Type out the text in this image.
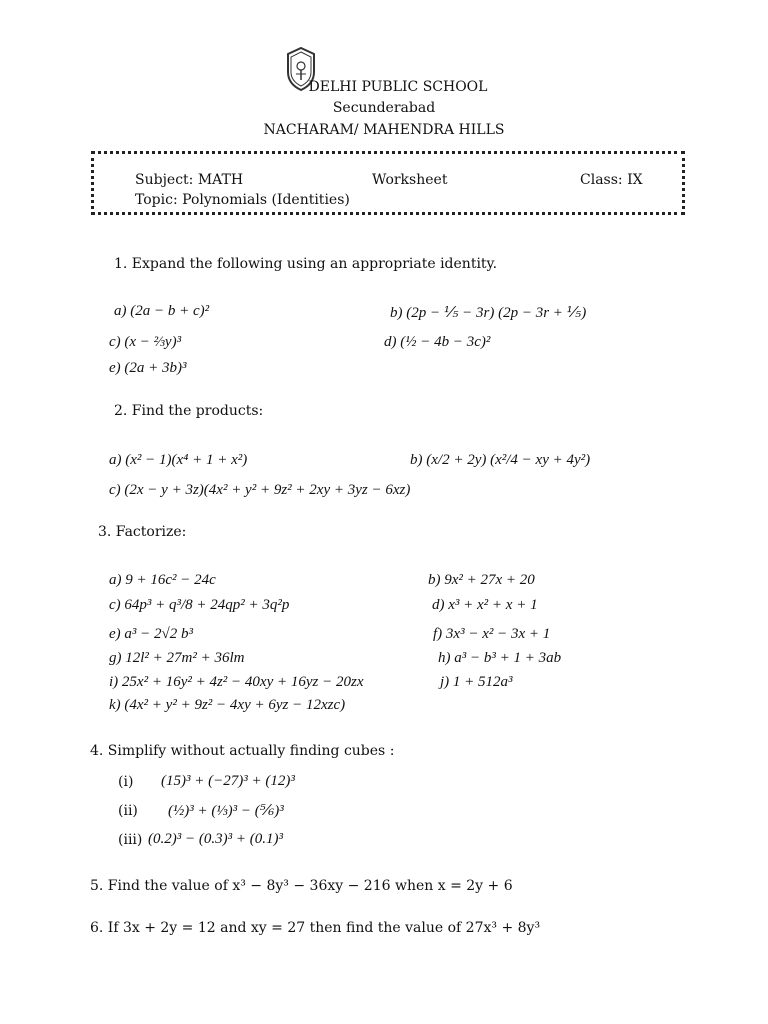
DELHI PUBLIC SCHOOL
Secunderabad
NACHARAM/ MAHENDRA HILLS
Subject: MATH	Worksheet	Class: IX
Topic: Polynomials (Identities)
1. Expand the following using an appropriate identity.
a) (2a − b + c)²	b) (2p − ⅕ − 3r) (2p − 3r + ⅕)
c) (x − ⅔y)³	d) (½ − 4b − 3c)²
e) (2a + 3b)³
2. Find the products:
a) (x² − 1)(x⁴ + 1 + x²)	b) (x/2 + 2y) (x²/4 − xy + 4y²)
c) (2x − y + 3z)(4x² + y² + 9z² + 2xy + 3yz − 6xz)
3. Factorize:
a) 9 + 16c² − 24c	b) 9x² + 27x + 20
c) 64p³ + q³/8 + 24qp² + 3q²p	d) x³ + x² + x + 1
e) a³ − 2√2 b³	f) 3x³ − x² − 3x + 1
g) 12l² + 27m² + 36lm	h) a³ − b³ + 1 + 3ab
i) 25x² + 16y² + 4z² − 40xy + 16yz − 20zx	j) 1 + 512a³
k) (4x² + y² + 9z² − 4xy + 6yz − 12xzc)
4. Simplify without actually finding cubes :
(i) (15)³ + (−27)³ + (12)³
(ii) (½)³ + (⅓)³ − (⅚)³
(iii) (0.2)³ − (0.3)³ + (0.1)³
5. Find the value of x³ − 8y³ − 36xy − 216 when x = 2y + 6
6. If 3x + 2y = 12 and xy = 27 then find the value of 27x³ + 8y³
